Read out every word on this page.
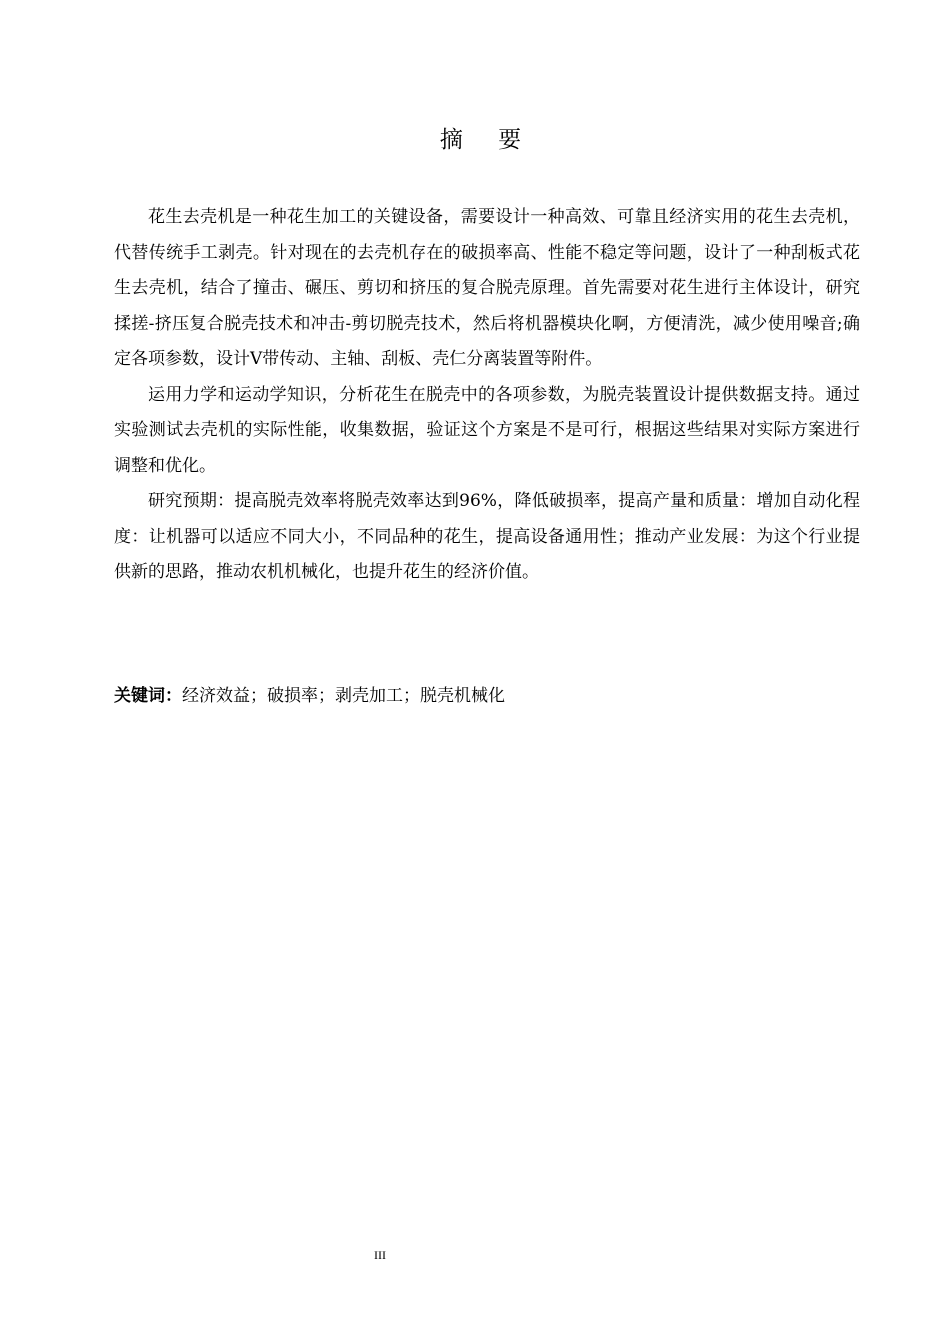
摘 要

花生去壳机是一种花生加工的关键设备，需要设计一种高效、可靠且经济实用的花生去壳机，代替传统手工剥壳。针对现在的去壳机存在的破损率高、性能不稳定等问题，设计了一种刮板式花生去壳机，结合了撞击、碾压、剪切和挤压的复合脱壳原理。首先需要对花生进行主体设计，研究揉搓-挤压复合脱壳技术和冲击-剪切脱壳技术，然后将机器模块化啊，方便清洗，减少使用噪音;确定各项参数，设计V带传动、主轴、刮板、壳仁分离装置等附件。

运用力学和运动学知识，分析花生在脱壳中的各项参数，为脱壳装置设计提供数据支持。通过实验测试去壳机的实际性能，收集数据，验证这个方案是不是可行，根据这些结果对实际方案进行调整和优化。

研究预期：提高脱壳效率将脱壳效率达到96%，降低破损率，提高产量和质量：增加自动化程度：让机器可以适应不同大小，不同品种的花生，提高设备通用性；推动产业发展：为这个行业提供新的思路，推动农机机械化，也提升花生的经济价值。

关键词：经济效益；破损率；剥壳加工；脱壳机械化
III
